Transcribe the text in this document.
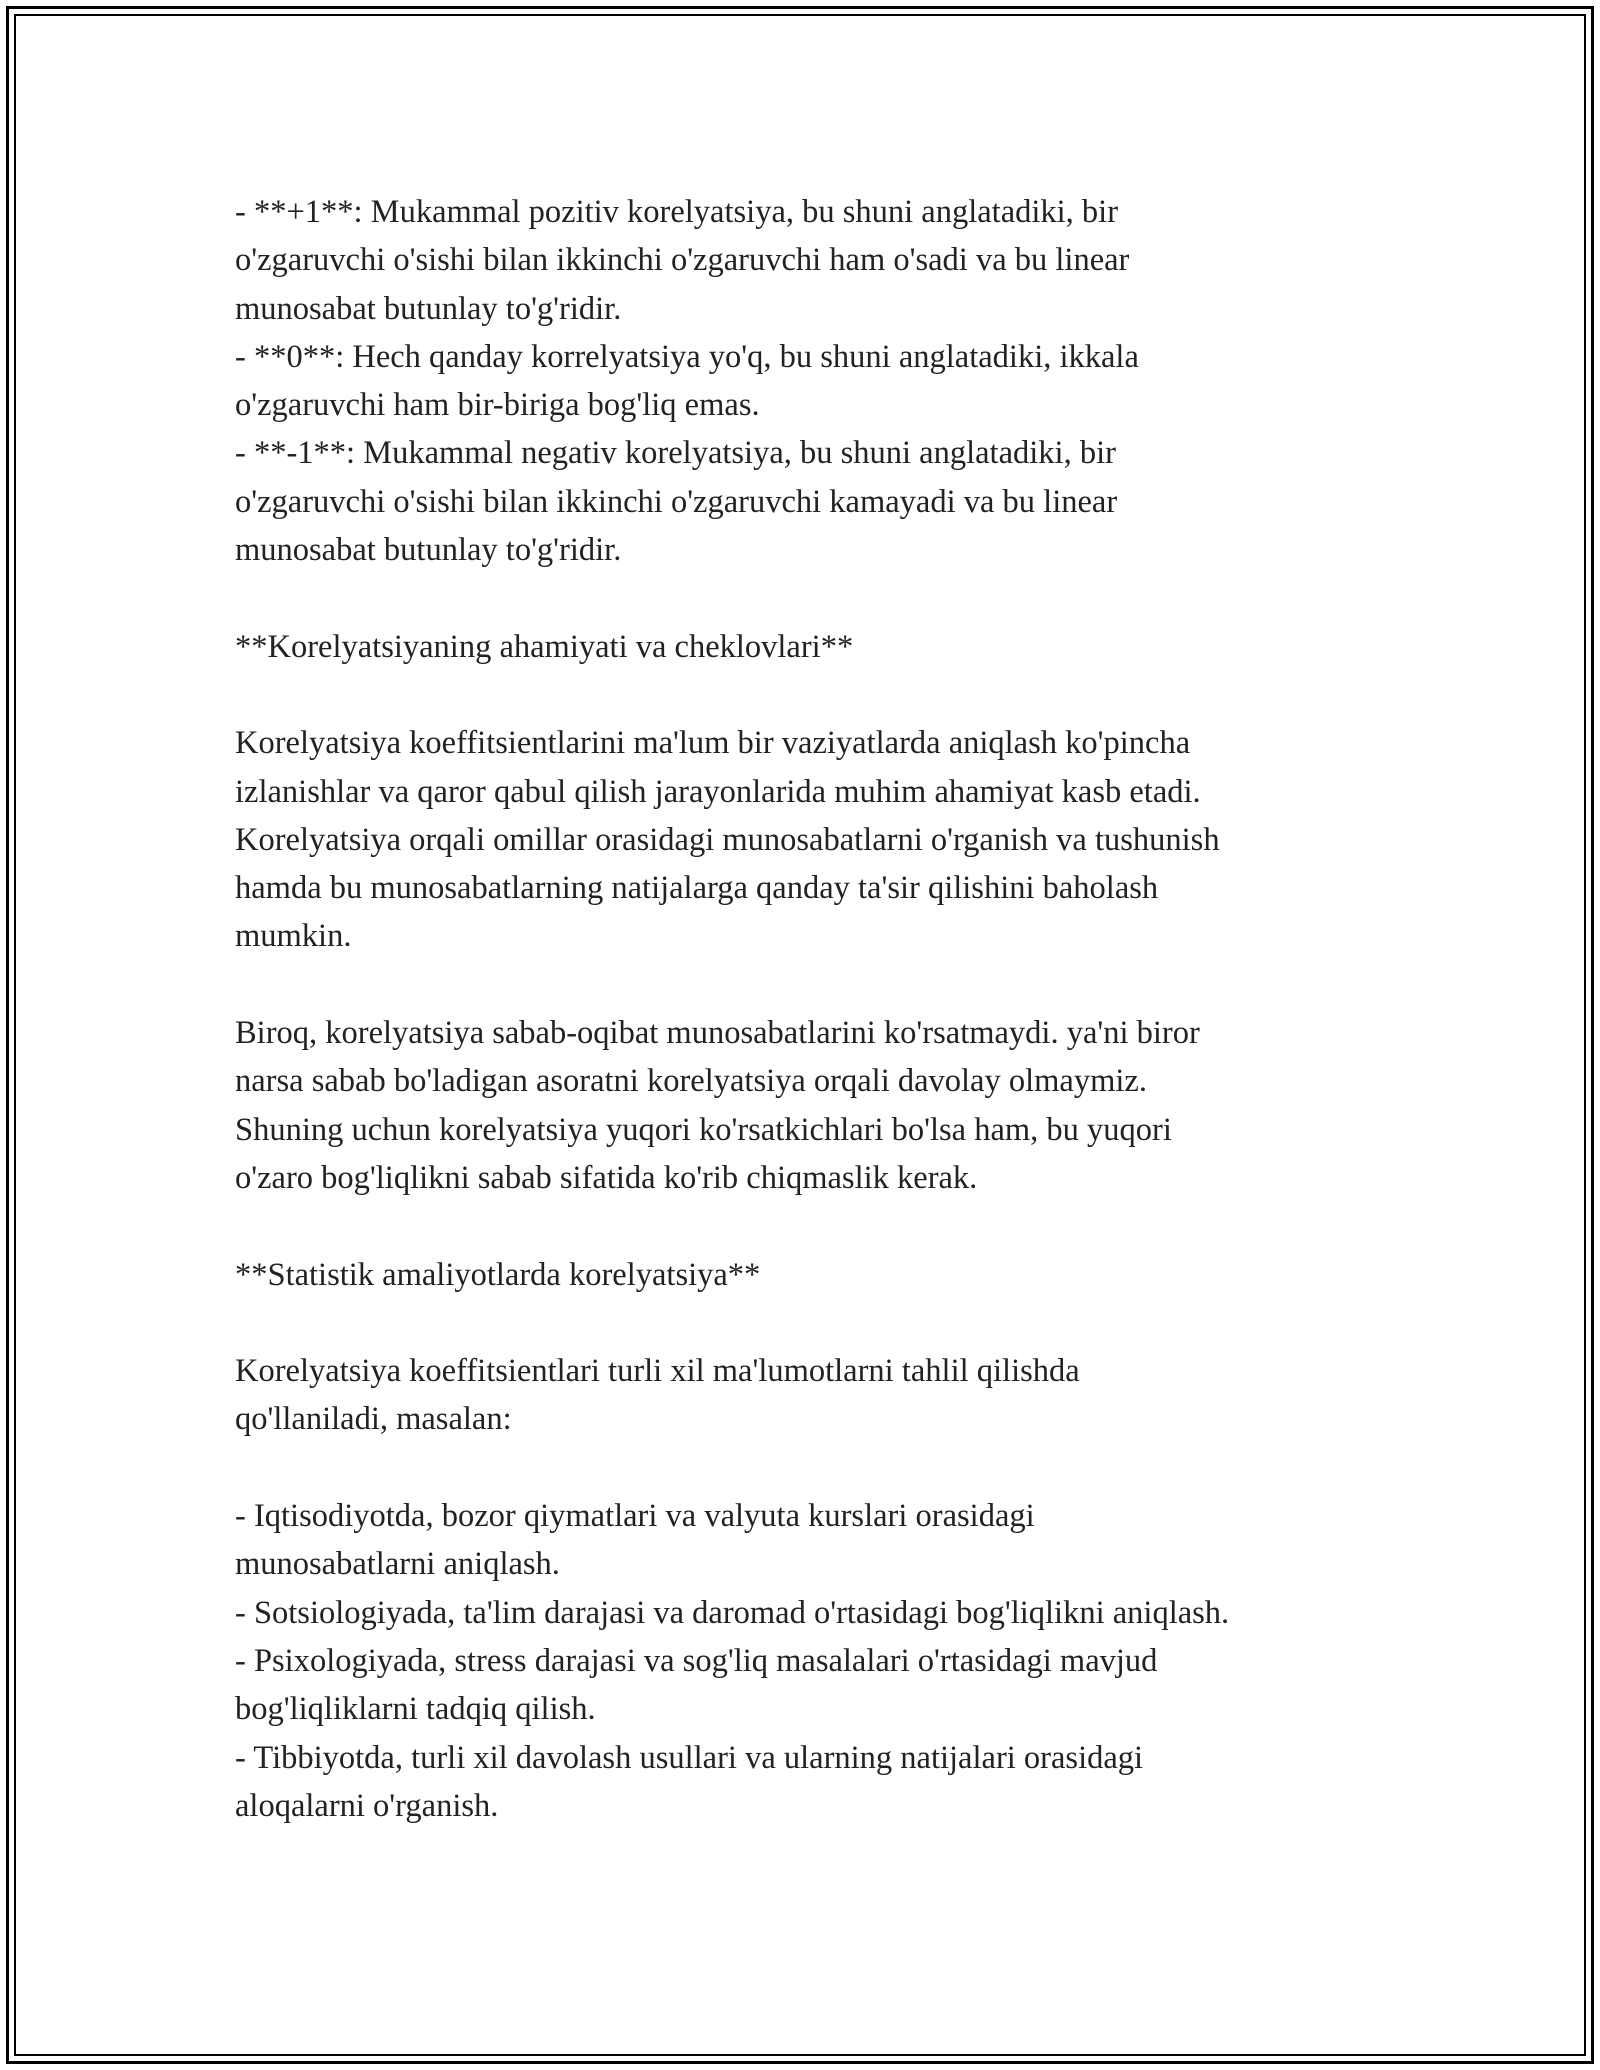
- **+1**: Mukammal pozitiv korelyatsiya, bu shuni anglatadiki, bir
o'zgaruvchi o'sishi bilan ikkinchi o'zgaruvchi ham o'sadi va bu linear
munosabat butunlay to'g'ridir.
- **0**: Hech qanday korrelyatsiya yo'q, bu shuni anglatadiki, ikkala
o'zgaruvchi ham bir-biriga bog'liq emas.
- **-1**: Mukammal negativ korelyatsiya, bu shuni anglatadiki, bir
o'zgaruvchi o'sishi bilan ikkinchi o'zgaruvchi kamayadi va bu linear
munosabat butunlay to'g'ridir.
**Korelyatsiyaning ahamiyati va cheklovlari**
Korelyatsiya koeffitsientlarini ma'lum bir vaziyatlarda aniqlash ko'pincha
izlanishlar va qaror qabul qilish jarayonlarida muhim ahamiyat kasb etadi.
Korelyatsiya orqali omillar orasidagi munosabatlarni o'rganish va tushunish
hamda bu munosabatlarning natijalarga qanday ta'sir qilishini baholash
mumkin.
Biroq, korelyatsiya sabab-oqibat munosabatlarini ko'rsatmaydi. ya'ni biror
narsa sabab bo'ladigan asoratni korelyatsiya orqali davolay olmaymiz.
Shuning uchun korelyatsiya yuqori ko'rsatkichlari bo'lsa ham, bu yuqori
o'zaro bog'liqlikni sabab sifatida ko'rib chiqmaslik kerak.
**Statistik amaliyotlarda korelyatsiya**
Korelyatsiya koeffitsientlari turli xil ma'lumotlarni tahlil qilishda
qo'llaniladi, masalan:
- Iqtisodiyotda, bozor qiymatlari va valyuta kurslari orasidagi
munosabatlarni aniqlash.
- Sotsiologiyada, ta'lim darajasi va daromad o'rtasidagi bog'liqlikni aniqlash.
- Psixologiyada, stress darajasi va sog'liq masalalari o'rtasidagi mavjud
bog'liqliklarni tadqiq qilish.
- Tibbiyotda, turli xil davolash usullari va ularning natijalari orasidagi
aloqalarni o'rganish.
